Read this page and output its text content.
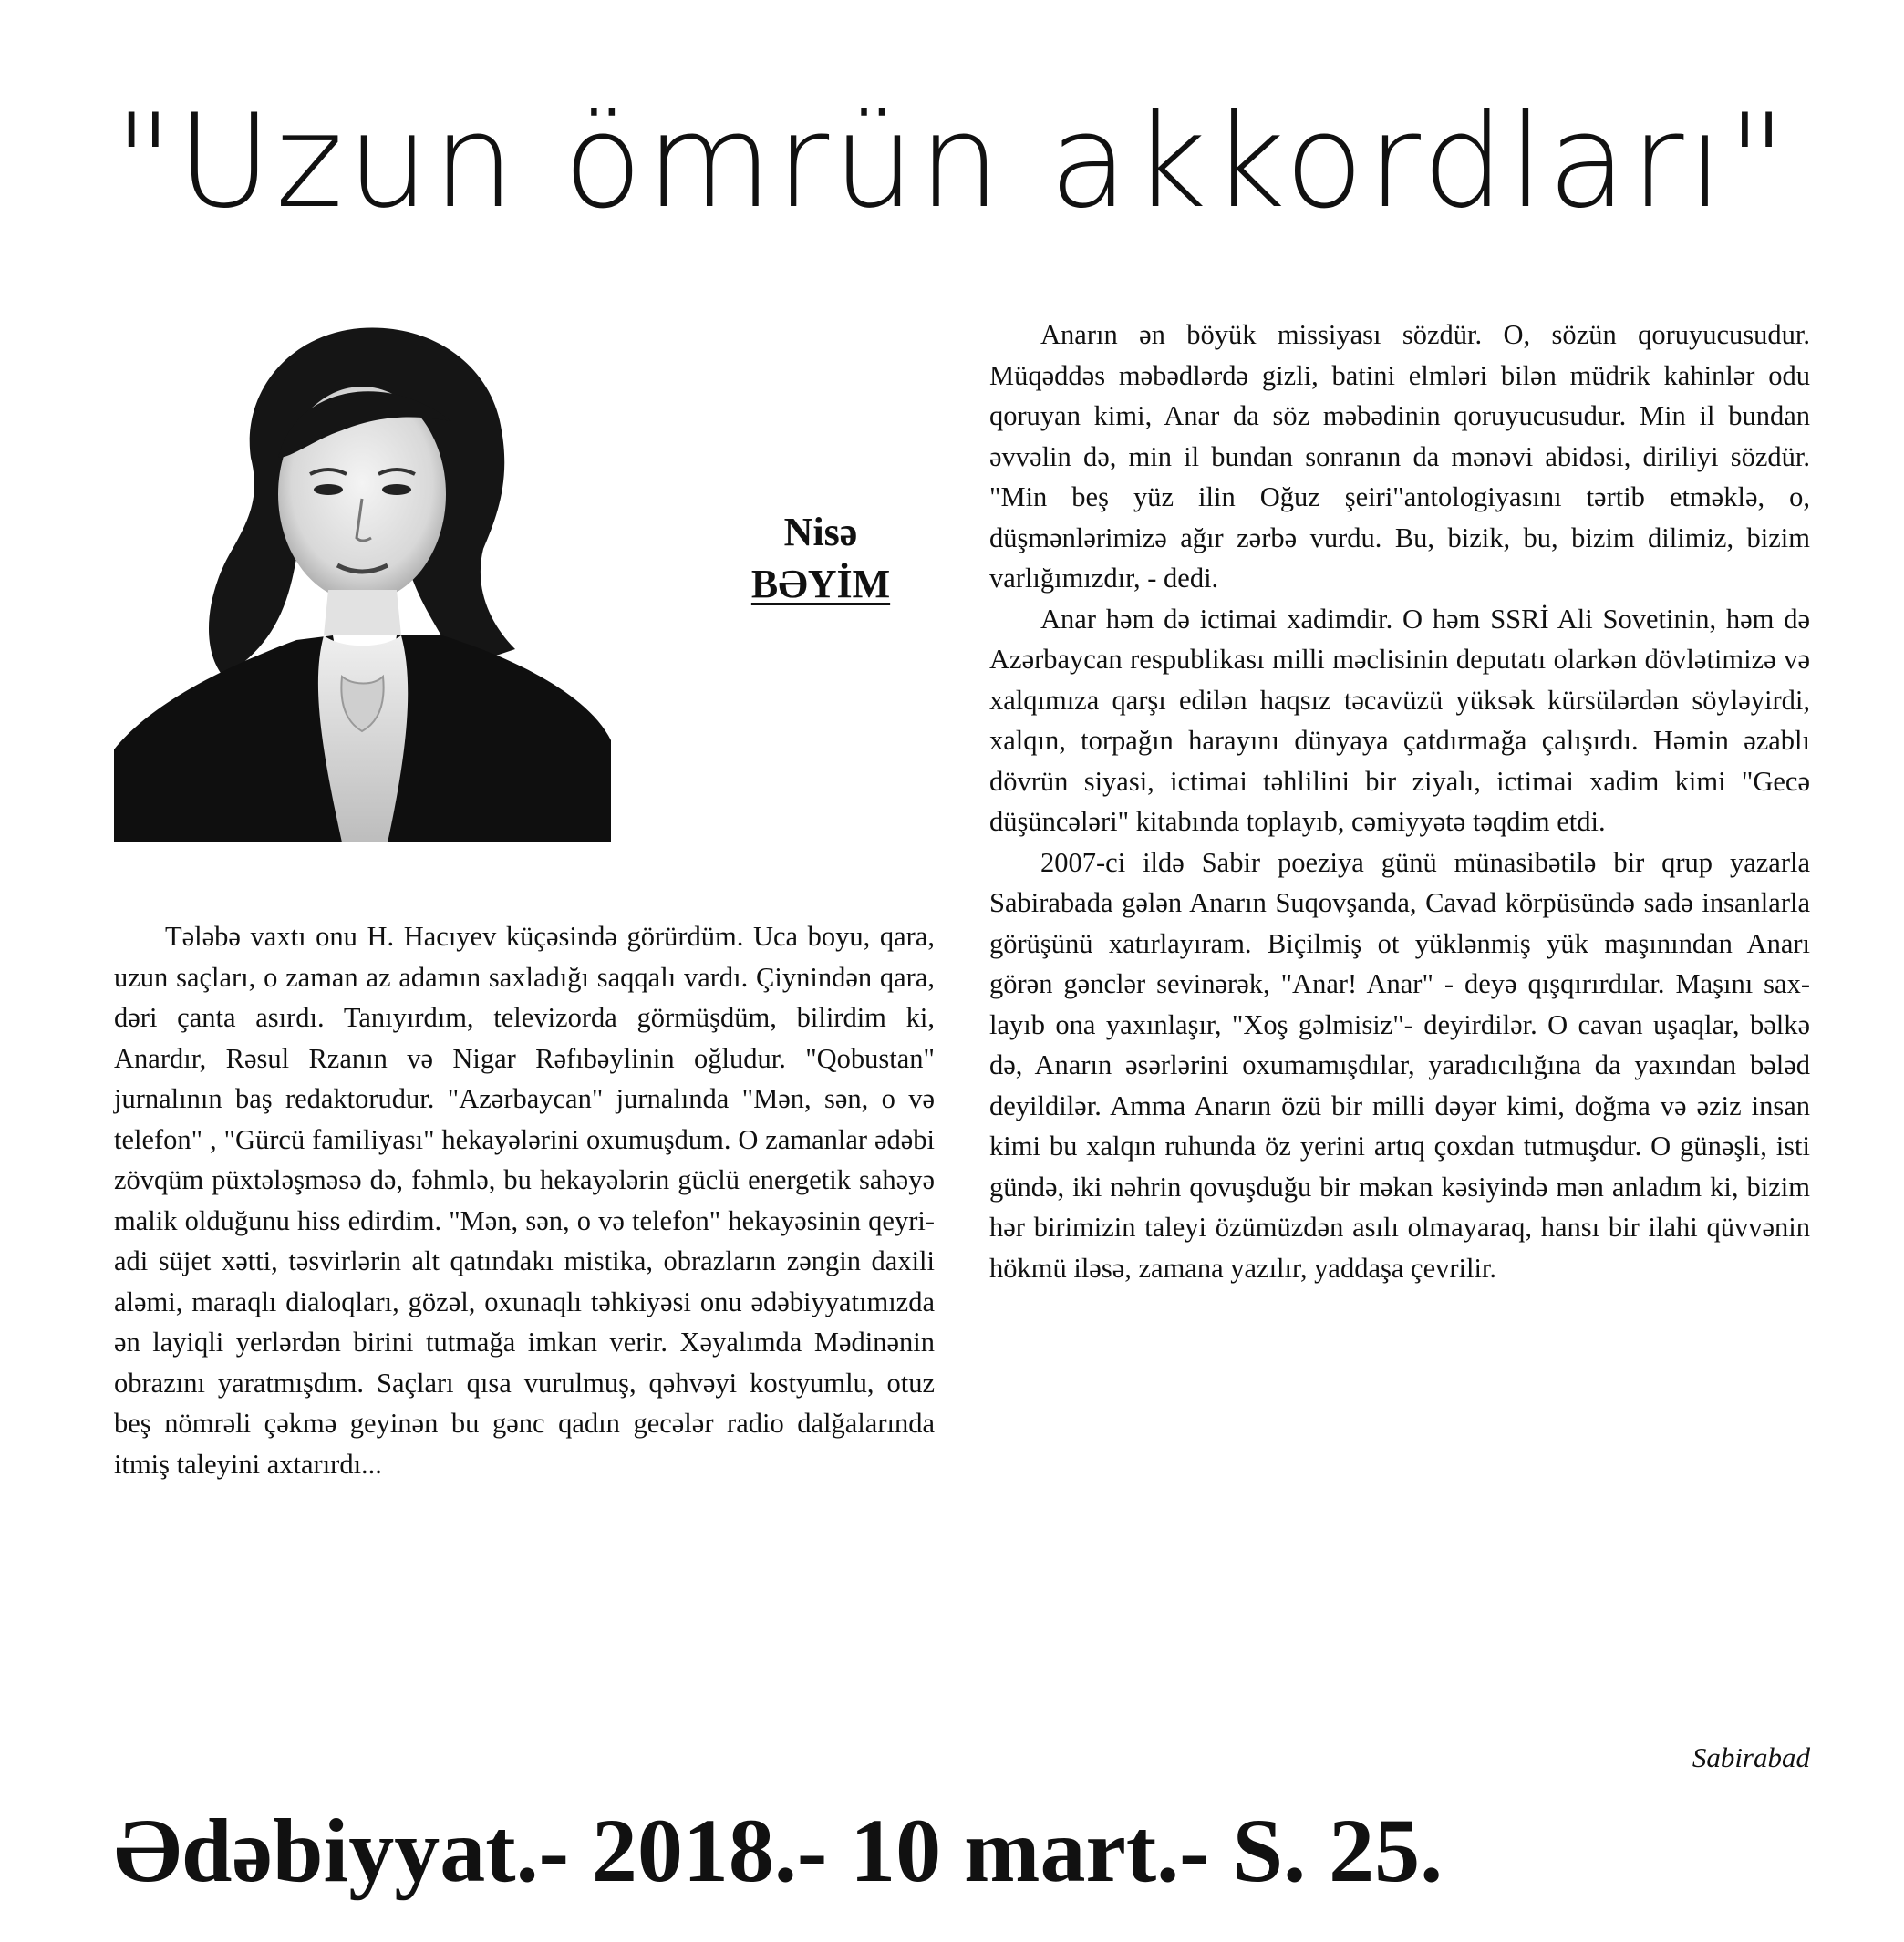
"Uzun ömrün akkordları"
Nisə
BƏYİM

Tələbə vaxtı onu H. Hacıyev küçəsində görürdüm. Uca boyu, qara, uzun saçları, o zaman az adamın saxladığı saqqalı vardı. Çiynindən qara, dəri çanta asırdı. Tanıyırdım, televizorda görmüşdüm, bilirdim ki, Anardır, Rəsul Rzanın və Nigar Rəfıbəylinin oğludur. "Qobustan" jurnalının baş redaktorudur. "Azərbaycan" jurnalında "Mən, sən, o və telefon" , "Gürcü familiyası" hekayələrini oxumuşdum. O zamanlar ədəbi zövqüm püxtələşməsə də, fəhmlə, bu hekayələrin güclü energetik sahəyə malik olduğunu hiss edirdim. "Mən, sən, o və telefon" hekayəsinin qeyri-adi süjet xətti, təsvirlərin alt qatındakı mistika, obrazların zəngin daxili aləmi, maraqlı dialoqları, gözəl, oxunaqlı təhkiyəsi onu ədəbiyyatımızda ən layiqli yerlərdən birini tutmağa imkan verir. Xəyalımda Mədinənin obrazını yaratmışdım. Saçları qısa vurulmuş, qəhvəyi kostyumlu, otuz beş nömrəli çəkmə geyinən bu gənc qadın gecələr radio dalğalarında itmiş taleyini axtarırdı...

Anarın ən böyük missiyası sözdür. O, sözün qoruyucusudur. Müqəddəs məbədlərdə gizli, batini elmləri bilən müdrik kahinlər odu qoruyan kimi, Anar da söz məbədinin qoruyucusudur. Min il bundan əvvəlin də, min il bundan sonranın da mənəvi abidəsi, diriliyi sözdür. "Min beş yüz ilin Oğuz şeiri"antologiyasını tərtib etməklə, o, düşmənlərimizə ağır zərbə vurdu. Bu, bizik, bu, bizim dilimiz, bizim varlığımızdır, - dedi.

Anar həm də ictimai xadimdir. O həm SSRİ Ali Sovetinin, həm də Azərbaycan respublikası milli məclisinin deputatı olarkən dövlətimizə və xalqımıza qarşı edilən haqsız təcavüzü yüksək kürsülərdən söyləyirdi, xalqın, torpağın harayını dünyaya çatdırmağa çalışırdı. Həmin əzablı dövrün siyasi, ictimai təhlilini bir ziyalı, ictimai xadim kimi "Gecə düşüncələri" kitabında toplayıb, cəmiyyətə təqdim etdi.

2007-ci ildə Sabir poeziya günü münasibətilə bir qrup yazarla Sabirabada gələn Anarın Suqovşanda, Cavad körpüsündə sadə insanlarla görüşünü xatırlayıram. Biçilmiş ot yüklənmiş yük maşınından Anarı görən gənclər sevinərək, "Anar! Anar" - deyə qışqırırdılar. Maşını saxlayıb ona yaxınlaşır, "Xoş gəlmisiz"- deyirdilər. O cavan uşaqlar, bəlkə də, Anarın əsərlərini oxumamışdılar, yaradıcılığına da yaxından bələd deyildilər. Amma Anarın özü bir milli dəyər kimi, doğma və əziz insan kimi bu xalqın ruhunda öz yerini artıq çoxdan tutmuşdur. O günəşli, isti gündə, iki nəhrin qovuşduğu bir məkan kəsiyində mən anladım ki, bizim hər birimizin taleyi özümüzdən asılı olmayaraq, hansı bir ilahi qüvvənin hökmü iləsə, zamana yazılır, yaddaşa çevrilir.

Sabirabad
Ədəbiyyat.- 2018.- 10 mart.- S. 25.
